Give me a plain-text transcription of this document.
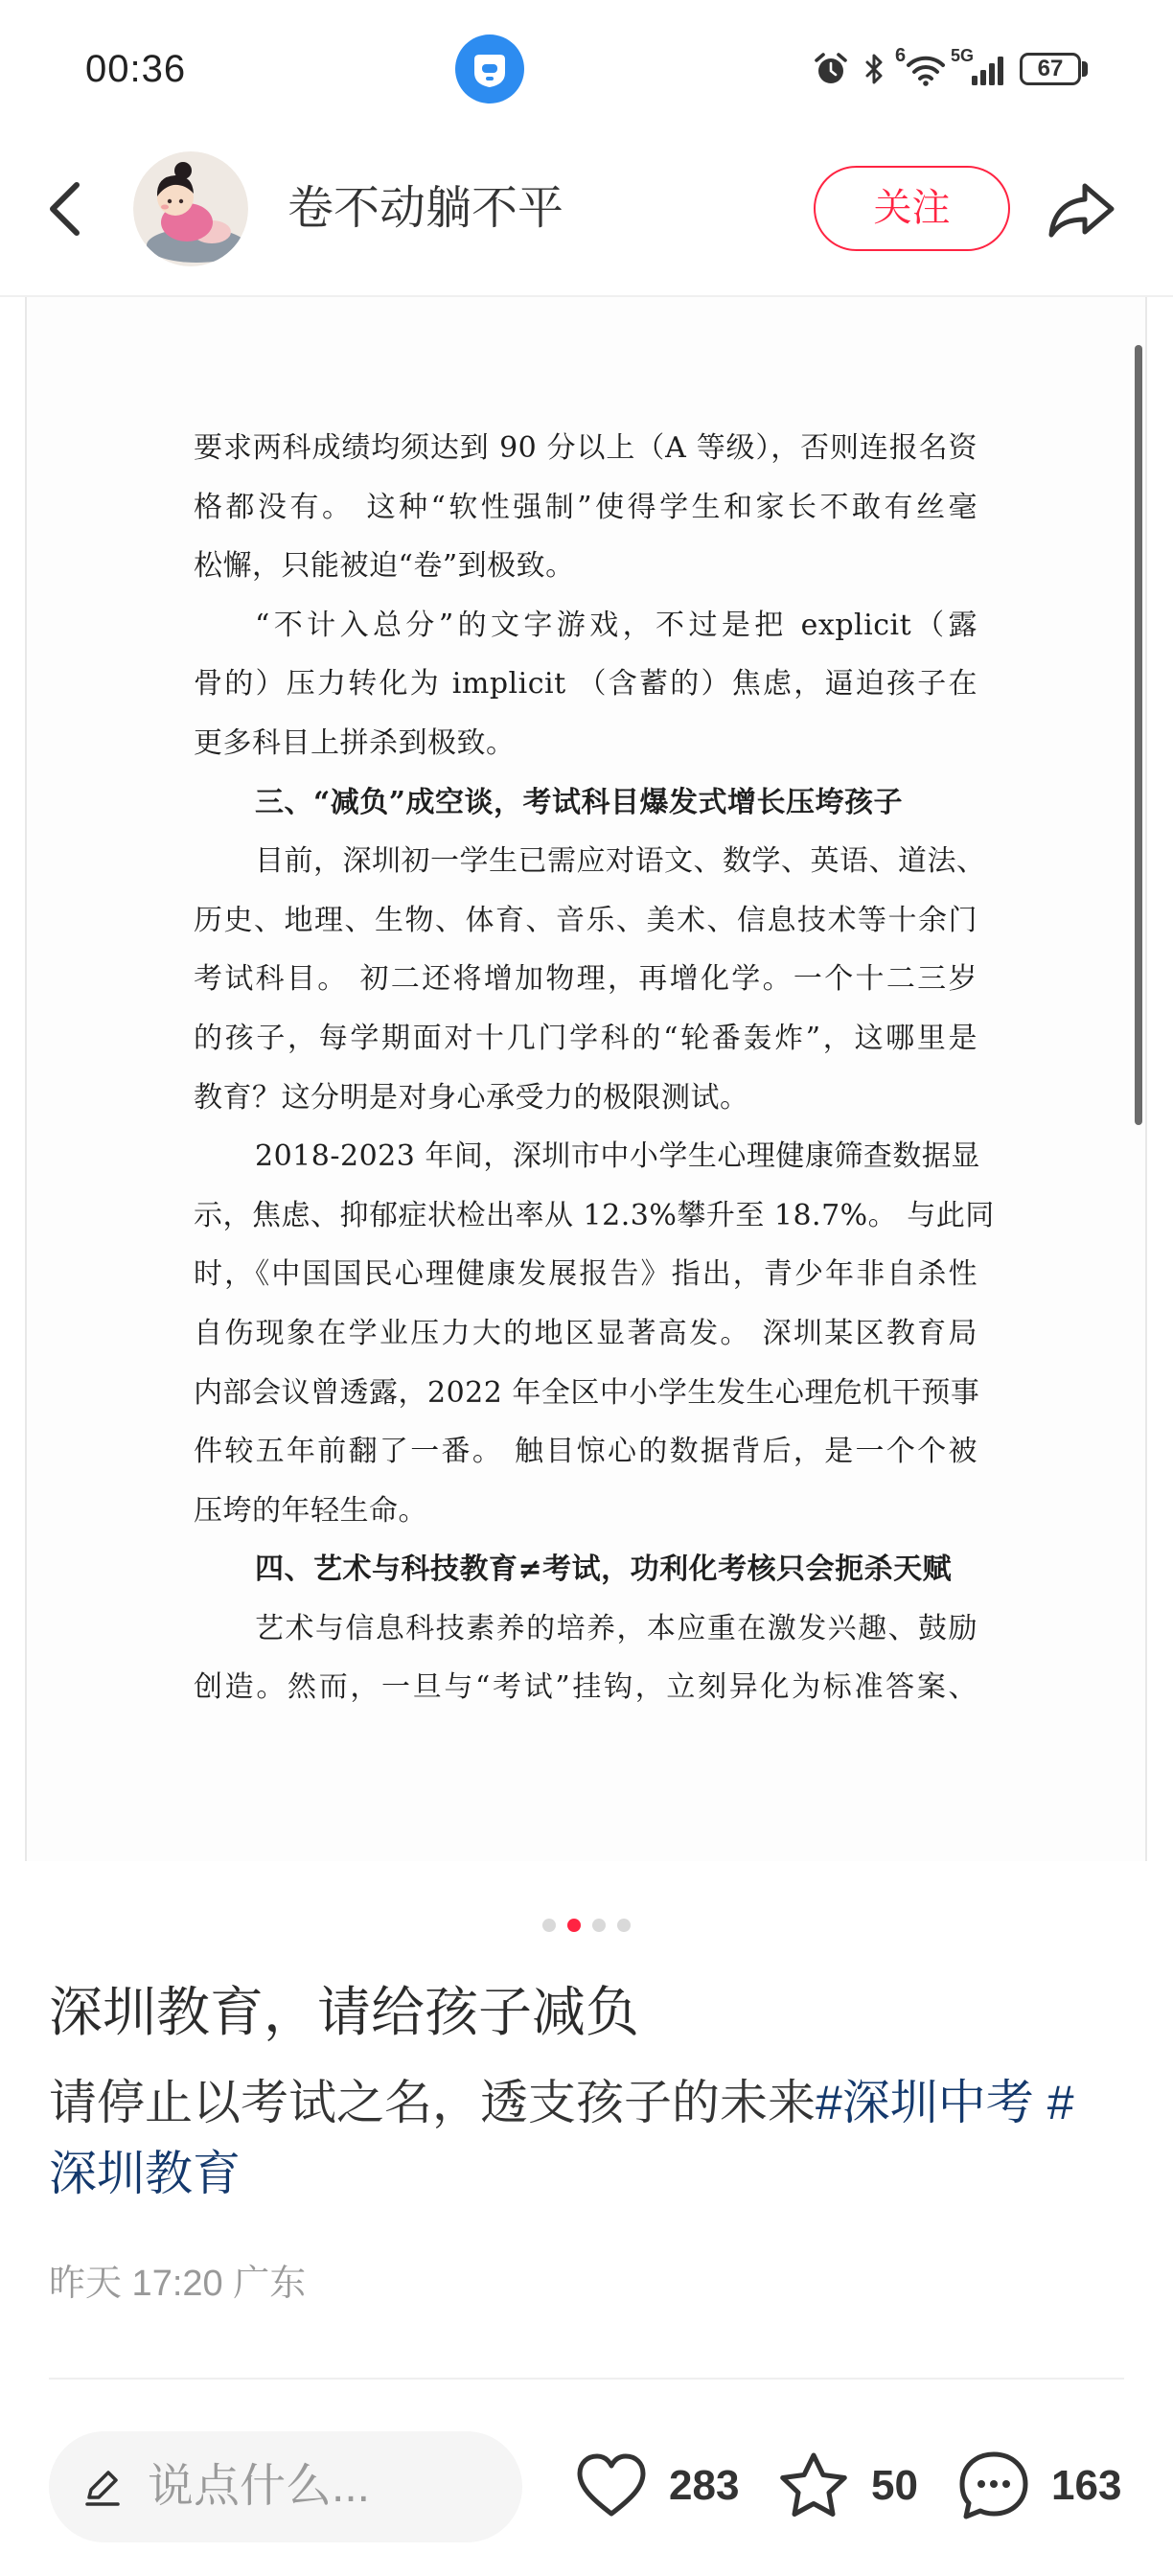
00:36	6	5G	67
卷不动躺不平	关注
要求两科成绩均须达到 90 分以上（A 等级），否则连报名资
格都没有。 这种“软性强制”使得学生和家长不敢有丝毫
松懈，只能被迫“卷”到极致。
“不计入总分”的文字游戏，不过是把 explicit（露
骨的）压力转化为 implicit （含蓄的）焦虑，逼迫孩子在
更多科目上拼杀到极致。
三、“减负”成空谈，考试科目爆发式增长压垮孩子
目前，深圳初一学生已需应对语文、数学、英语、道法、
历史、地理、生物、体育、音乐、美术、信息技术等十余门
考试科目。 初二还将增加物理，再增化学。一个十二三岁
的孩子，每学期面对十几门学科的“轮番轰炸”，这哪里是
教育？这分明是对身心承受力的极限测试。
2018-2023 年间，深圳市中小学生心理健康筛查数据显
示，焦虑、抑郁症状检出率从 12.3%攀升至 18.7%。 与此同
时，《中国国民心理健康发展报告》指出，青少年非自杀性
自伤现象在学业压力大的地区显著高发。 深圳某区教育局
内部会议曾透露，2022 年全区中小学生发生心理危机干预事
件较五年前翻了一番。 触目惊心的数据背后，是一个个被
压垮的年轻生命。
四、艺术与科技教育≠考试，功利化考核只会扼杀天赋
艺术与信息科技素养的培养，本应重在激发兴趣、鼓励
创造。然而，一旦与“考试”挂钩，立刻异化为标准答案、
深圳教育，请给孩子减负
请停止以考试之名，透支孩子的未来#深圳中考 #深圳教育
昨天 17:20 广东
说点什么...	283	50	163
